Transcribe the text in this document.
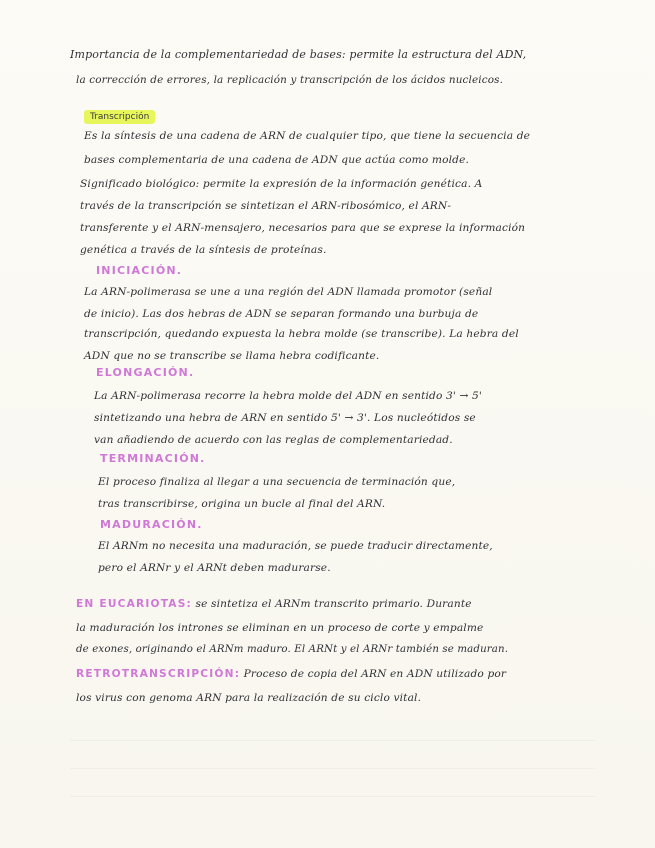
Importancia de la complementariedad de bases: permite la estructura del ADN,
la corrección de errores, la replicación y transcripción de los ácidos nucleicos.
Transcripción
Es la síntesis de una cadena de ARN de cualquier tipo, que tiene la secuencia de
bases complementaria de una cadena de ADN que actúa como molde.
Significado biológico: permite la expresión de la información genética. A
través de la transcripción se sintetizan el ARN-ribosómico, el ARN-
transferente y el ARN-mensajero, necesarios para que se exprese la información
genética a través de la síntesis de proteínas.
INICIACIÓN.
La ARN-polimerasa se une a una región del ADN llamada promotor (señal
de inicio). Las dos hebras de ADN se separan formando una burbuja de
transcripción, quedando expuesta la hebra molde (se transcribe). La hebra del
ADN que no se transcribe se llama hebra codificante.
ELONGACIÓN.
La ARN-polimerasa recorre la hebra molde del ADN en sentido 3' → 5'
sintetizando una hebra de ARN en sentido 5' → 3'. Los nucleótidos se
van añadiendo de acuerdo con las reglas de complementariedad.
TERMINACIÓN.
El proceso finaliza al llegar a una secuencia de terminación que,
tras transcribirse, origina un bucle al final del ARN.
MADURACIÓN.
El ARNm no necesita una maduración, se puede traducir directamente,
pero el ARNr y el ARNt deben madurarse.
EN EUCARIOTAS: se sintetiza el ARNm transcrito primario. Durante
la maduración los intrones se eliminan en un proceso de corte y empalme
de exones, originando el ARNm maduro. El ARNt y el ARNr también se maduran.
RETROTRANSCRIPCIÓN: Proceso de copia del ARN en ADN utilizado por
los virus con genoma ARN para la realización de su ciclo vital.
